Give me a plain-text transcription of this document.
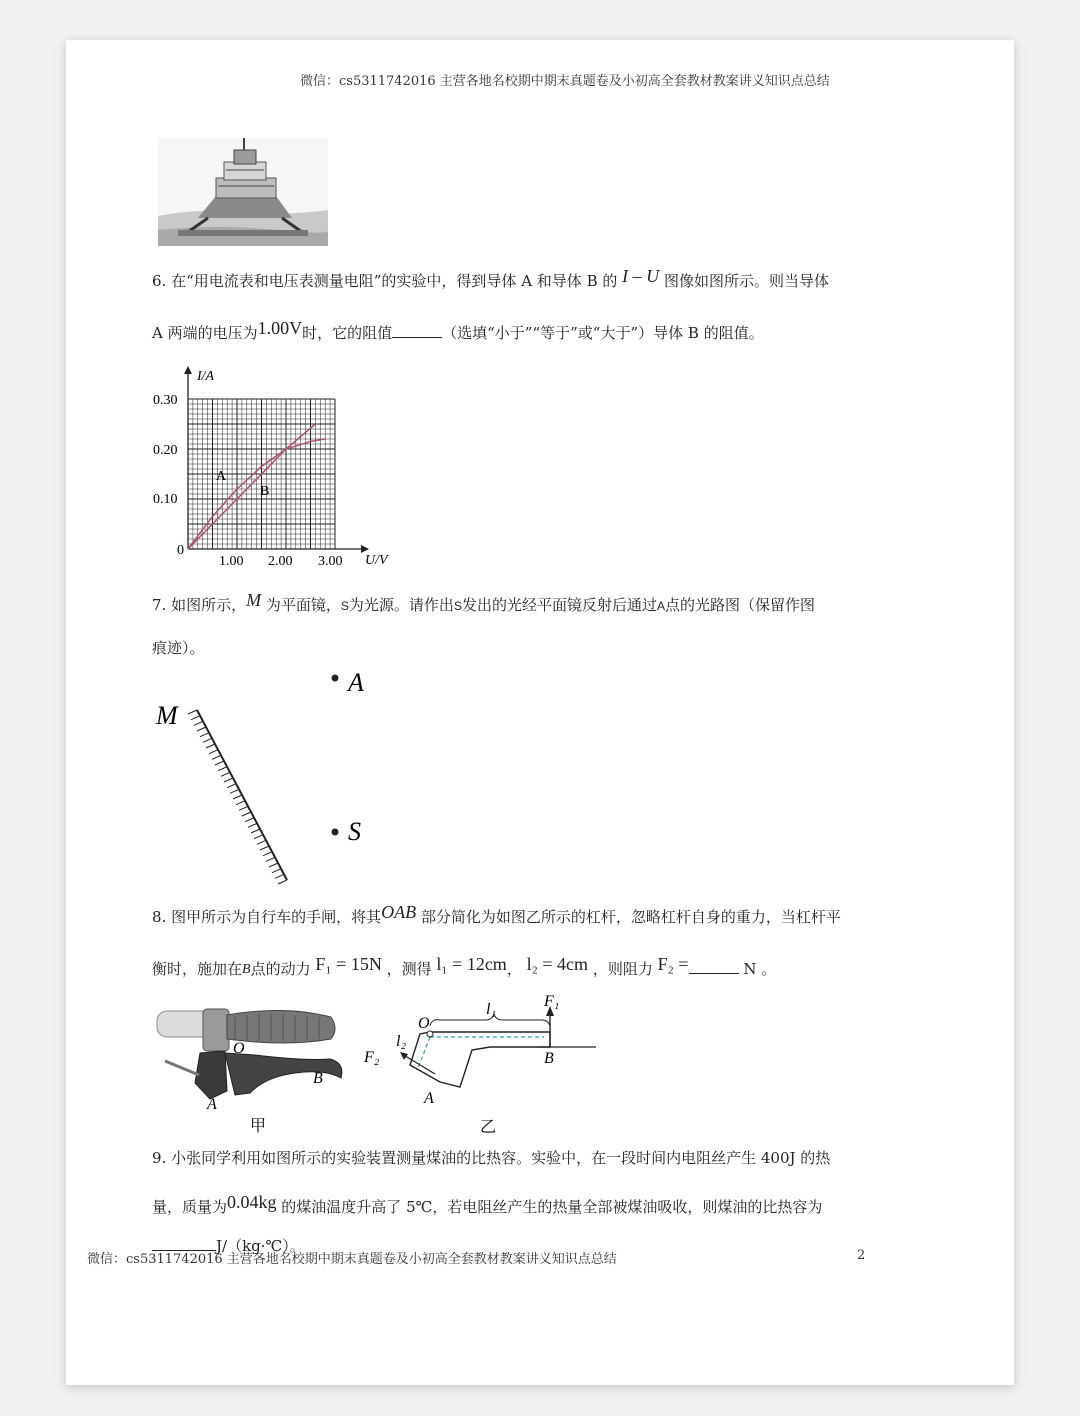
微信：cs5311742016 主营各地名校期中期末真题卷及小初高全套教材教案讲义知识点总结
6. 在“用电流表和电压表测量电阻”的实验中，得到导体 A 和导体 B 的 I – U 图像如图所示。则当导体
A 两端的电压为1.00V时，它的阻值	（选填“小于”“等于”或“大于”）导体 B 的阻值。
I/A
U/V
0.30
0.20
0.10
0
1.00 2.00 3.00
A
B
7. 如图所示，M 为平面镜，S为光源。请作出S发出的光经平面镜反射后通过A点的光路图（保留作图
痕迹）。
M
A
S
8. 图甲所示为自行车的手闸，将其OAB 部分简化为如图乙所示的杠杆，忽略杠杆自身的重力，当杠杆平
衡时，施加在B点的动力 F₁ = 15N ，测得 l₁ = 12cm， l₂ = 4cm ，则阻力 F₂ =	N 。
O
A
B
甲
O
l₁
l₂
F₁
F₂	B
A
乙
9. 小张同学利用如图所示的实验装置测量煤油的比热容。实验中，在一段时间内电阻丝产生 400J 的热
量，质量为0.04kg 的煤油温度升高了 5℃，若电阻丝产生的热量全部被煤油吸收，则煤油的比热容为
J/（kg·℃）。
微信：cs5311742016 主营各地名校期中期末真题卷及小初高全套教材教案讲义知识点总结	2
